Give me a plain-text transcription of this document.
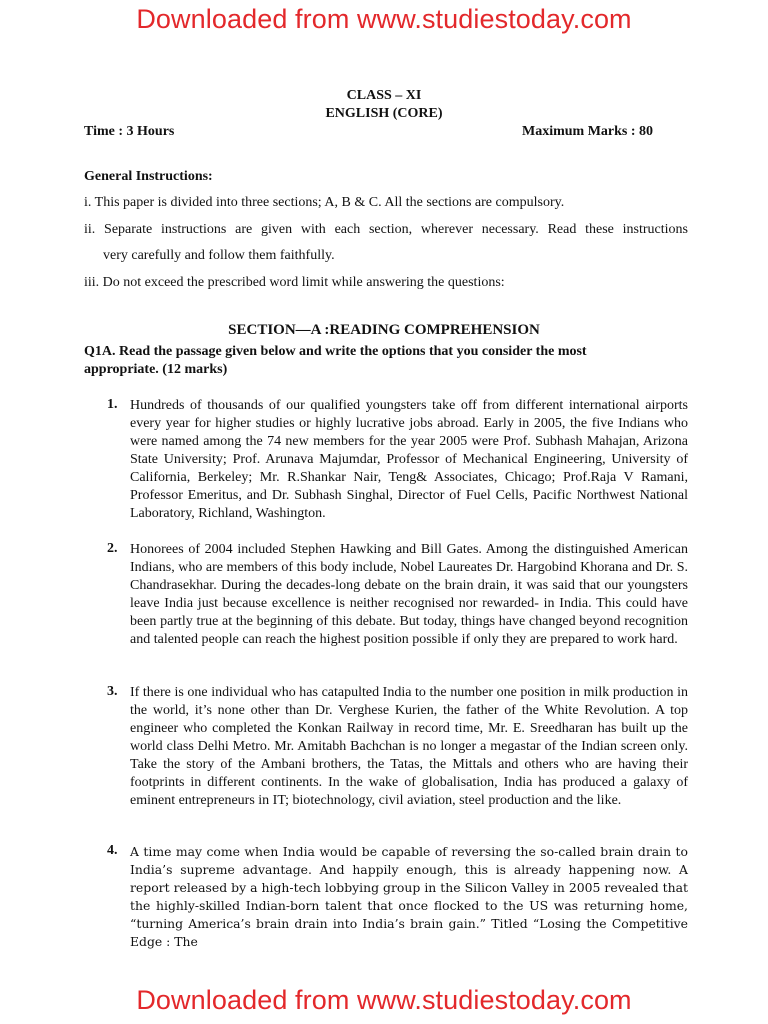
Downloaded from www.studiestoday.com
CLASS – XI
ENGLISH (CORE)
Time : 3 Hours	Maximum Marks : 80
General Instructions:
i. This paper is divided into three sections; A, B & C. All the sections are compulsory.
ii. Separate instructions are given with each section, wherever necessary. Read these instructions
very carefully and follow them faithfully.
iii. Do not exceed the prescribed word limit while answering the questions:
SECTION—A :READING COMPREHENSION
Q1A. Read the passage given below and write the options that you consider the most
appropriate. (12 marks)
1. Hundreds of thousands of our qualified youngsters take off from different international airports every year for higher studies or highly lucrative jobs abroad. Early in 2005, the five Indians who were named among the 74 new members for the year 2005 were Prof. Subhash Mahajan, Arizona State University; Prof. Arunava Majumdar, Professor of Mechanical Engineering, University of California, Berkeley; Mr. R.Shankar Nair, Teng& Associates, Chicago; Prof.Raja V Ramani, Professor Emeritus, and Dr. Subhash Singhal, Director of Fuel Cells, Pacific Northwest National Laboratory, Richland, Washington.
2. Honorees of 2004 included Stephen Hawking and Bill Gates. Among the distinguished American Indians, who are members of this body include, Nobel Laureates Dr. Hargobind Khorana and Dr. S. Chandrasekhar. During the decades-long debate on the brain drain, it was said that our youngsters leave India just because excellence is neither recognised nor rewarded- in India. This could have been partly true at the beginning of this debate. But today, things have changed beyond recognition and talented people can reach the highest position possible if only they are prepared to work hard.
3. If there is one individual who has catapulted India to the number one position in milk production in the world, it’s none other than Dr. Verghese Kurien, the father of the White Revolution. A top engineer who completed the Konkan Railway in record time, Mr. E. Sreedharan has built up the world class Delhi Metro. Mr. Amitabh Bachchan is no longer a megastar of the Indian screen only. Take the story of the Ambani brothers, the Tatas, the Mittals and others who are having their footprints in different continents. In the wake of globalisation, India has produced a galaxy of eminent entrepreneurs in IT; biotechnology, civil aviation, steel production and the like.
4. A time may come when India would be capable of reversing the so-called brain drain to India’s supreme advantage. And happily enough, this is already happening now. A report released by a high-tech lobbying group in the Silicon Valley in 2005 revealed that the highly-skilled Indian-born talent that once flocked to the US was returning home, “turning America’s brain drain into India’s brain gain.” Titled “Losing the Competitive Edge : The
Downloaded from www.studiestoday.com
